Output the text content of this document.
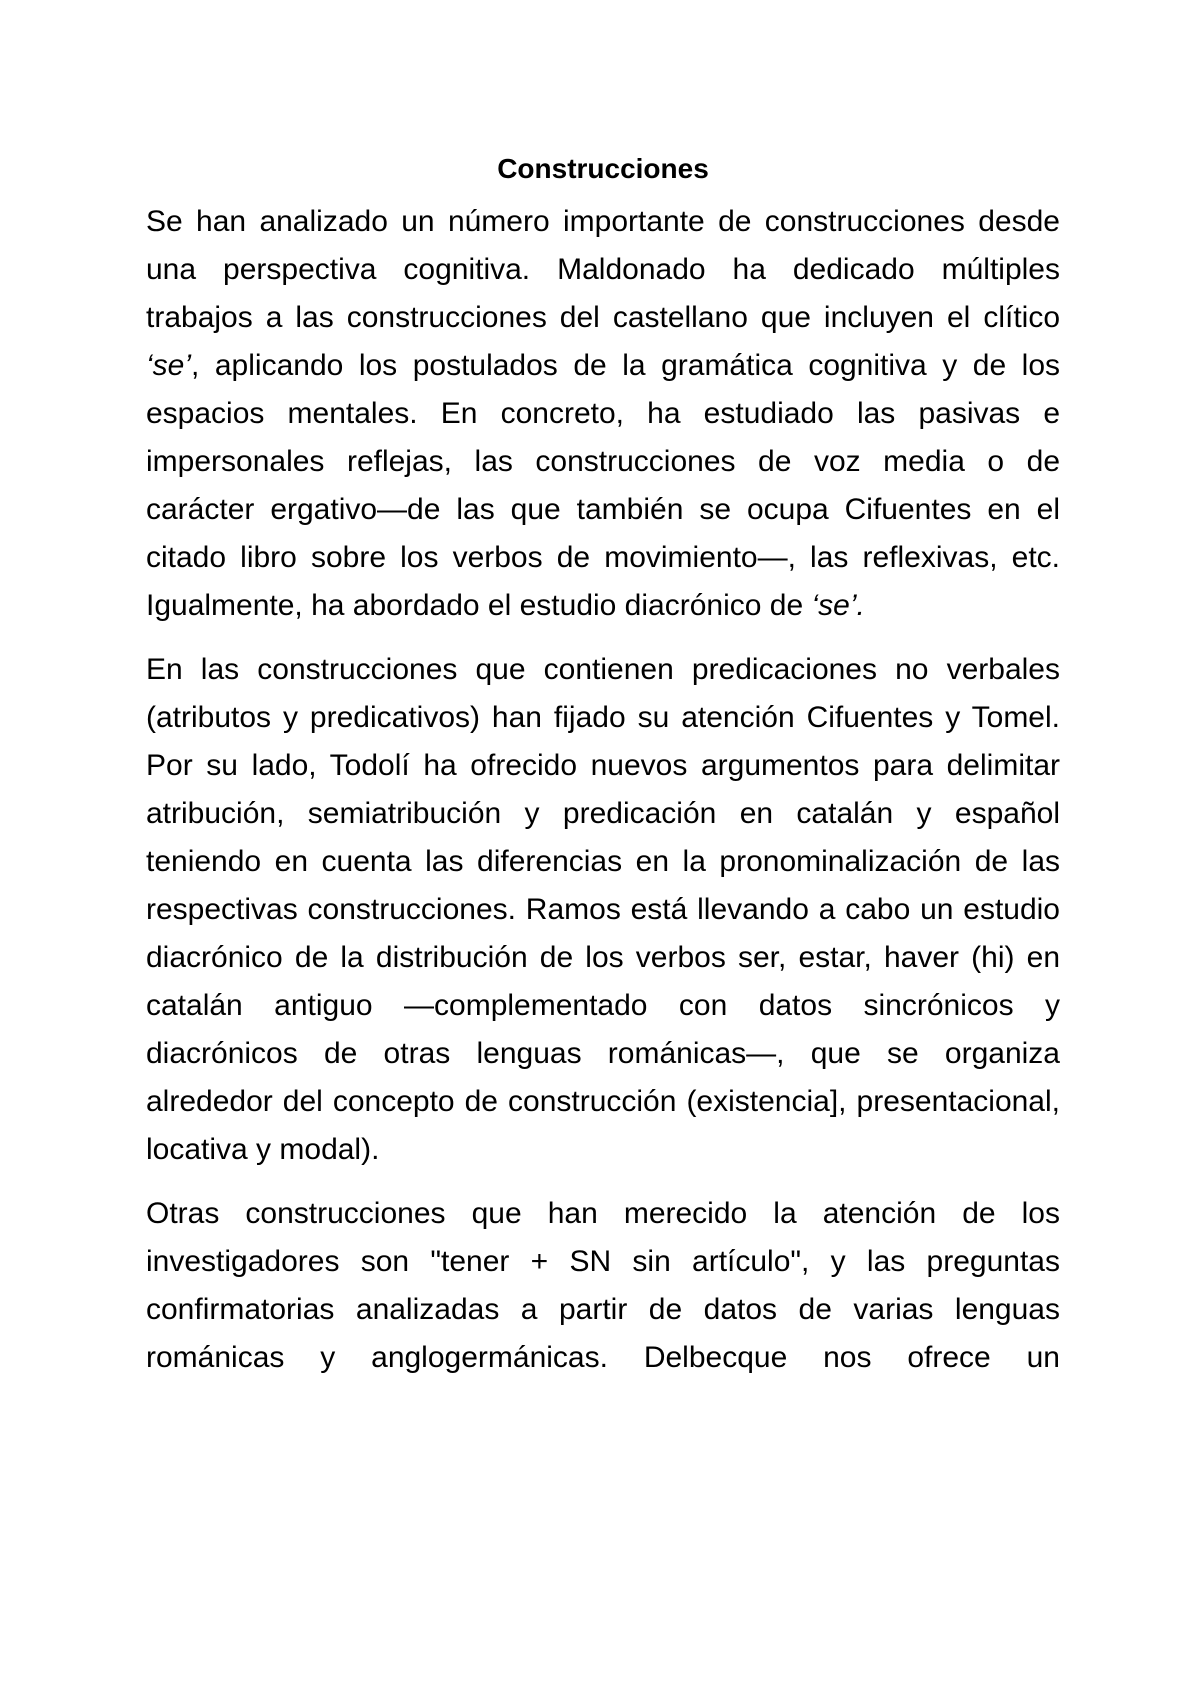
Construcciones

Se han analizado un número importante de construcciones desde una perspectiva cognitiva. Maldonado ha dedicado múltiples trabajos a las construcciones del castellano que incluyen el clítico ‘se’, aplicando los postulados de la gramática cognitiva y de los espacios mentales. En concreto, ha estudiado las pasivas e impersonales reflejas, las construcciones de voz media o de carácter ergativo—de las que también se ocupa Cifuentes en el citado libro sobre los verbos de movimiento—, las reflexivas, etc. Igualmente, ha abordado el estudio diacrónico de ‘se’.

En las construcciones que contienen predicaciones no verbales (atributos y predicativos) han fijado su atención Cifuentes y Tomel. Por su lado, Todolí ha ofrecido nuevos argumentos para delimitar atribución, semiatribución y predicación en catalán y español teniendo en cuenta las diferencias en la pronominalización de las respectivas construcciones. Ramos está llevando a cabo un estudio diacrónico de la distribución de los verbos ser, estar, haver (hi) en catalán antiguo —complementado con datos sincrónicos y diacrónicos de otras lenguas románicas—, que se organiza alrededor del concepto de construcción (existencia], presentacional, locativa y modal).

Otras construcciones que han merecido la atención de los investigadores son "tener + SN sin artículo", y las preguntas confirmatorias analizadas a partir de datos de varias lenguas románicas y anglogermánicas. Delbecque nos ofrece un
